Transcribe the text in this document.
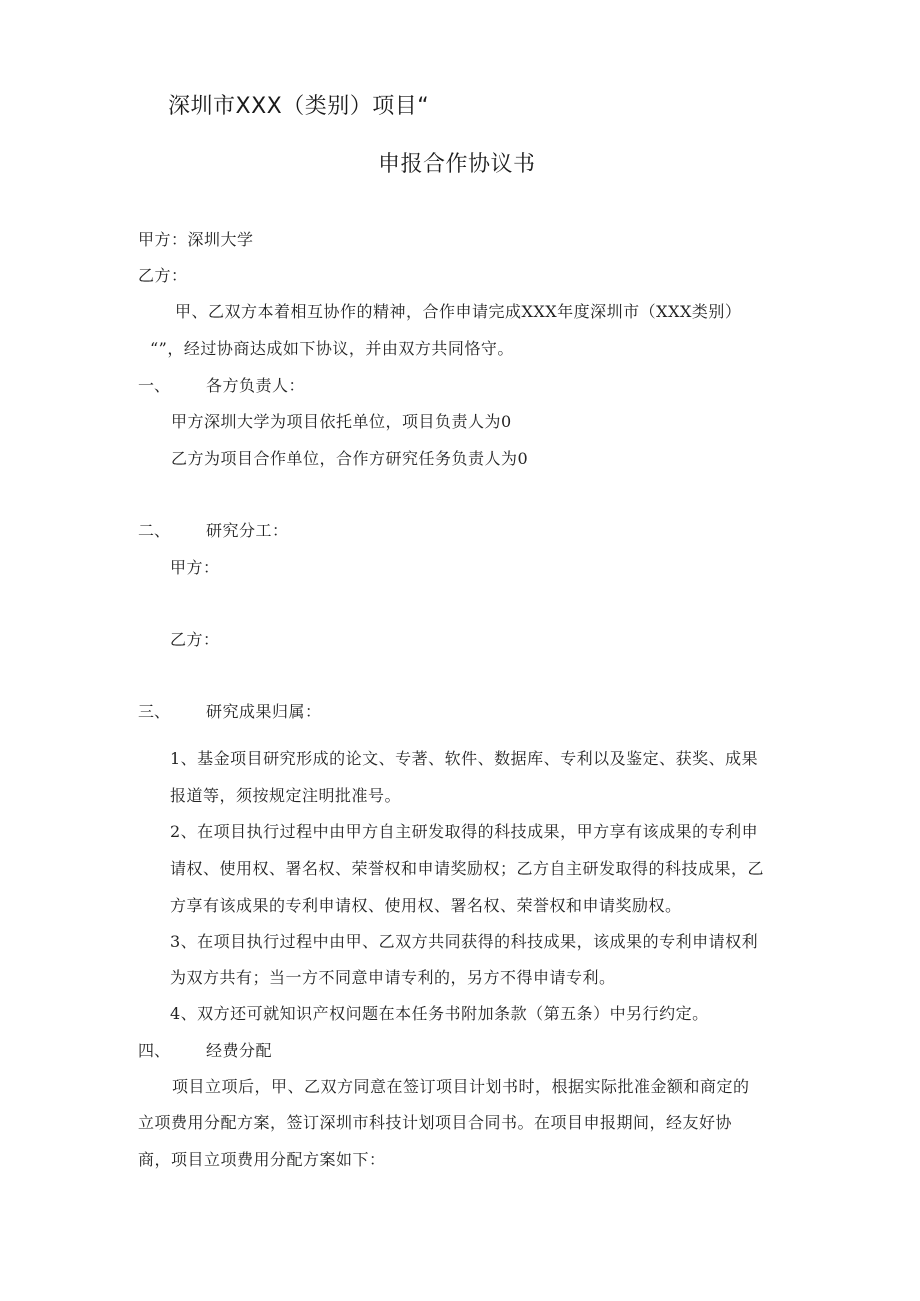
深圳市XXX（类别）项目“
申报合作协议书
甲方：深圳大学
乙方：
甲、乙双方本着相互协作的精神，合作申请完成XXX年度深圳市（XXX类别）
“”，经过协商达成如下协议，并由双方共同恪守。
一、 各方负责人：
甲方深圳大学为项目依托单位，项目负责人为0
乙方为项目合作单位，合作方研究任务负责人为0
二、 研究分工：
甲方：
乙方：
三、 研究成果归属：
1、基金项目研究形成的论文、专著、软件、数据库、专利以及鉴定、获奖、成果
报道等，须按规定注明批准号。
2、在项目执行过程中由甲方自主研发取得的科技成果，甲方享有该成果的专利申
请权、使用权、署名权、荣誉权和申请奖励权；乙方自主研发取得的科技成果，乙
方享有该成果的专利申请权、使用权、署名权、荣誉权和申请奖励权。
3、在项目执行过程中由甲、乙双方共同获得的科技成果，该成果的专利申请权利
为双方共有；当一方不同意申请专利的，另方不得申请专利。
4、双方还可就知识产权问题在本任务书附加条款（第五条）中另行约定。
四、 经费分配
项目立项后，甲、乙双方同意在签订项目计划书时，根据实际批准金额和商定的
立项费用分配方案，签订深圳市科技计划项目合同书。在项目申报期间，经友好协
商，项目立项费用分配方案如下：
